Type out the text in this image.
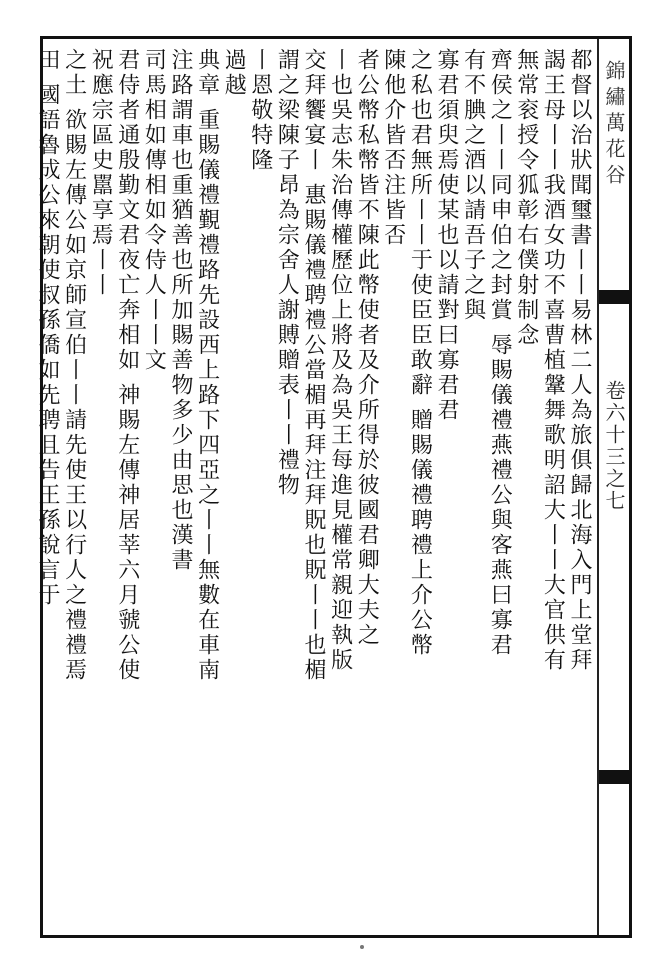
錦繡萬花谷
卷六十三之七
都督以治狀聞璽書丨丨易林二人為旅俱歸北海入門上堂拜
謁王母丨丨我酒女功不喜曹植鞶舞歌明詔大丨丨大官供有
無常衮授令狐彰右僕射制念
齊侯之丨丨同申伯之封賞 辱賜儀禮燕禮公與客燕曰寡君
有不腆之酒以請吾子之與
寡君須臾焉使某也以請對曰寡君君
之私也君無所丨丨于使臣臣敢辭 贈賜儀禮聘禮上介公幣
陳他介皆否注皆否
者公幣私幣皆不陳此幣使者及介所得於彼國君卿大夫之
丨也吳志朱治傳權歷位上將及為吳王每進見權常親迎執版
交拜饗宴丨 惠賜儀禮聘禮公當楣再拜注拜貺也貺丨丨也楣
謂之梁陳子昂為宗舍人謝賻贈表丨丨禮物
丨恩敬特隆
過越
典章 重賜儀禮覲禮路先設西上路下四亞之丨丨無數在車南
注路謂車也重猶善也所加賜善物多少由思也漢書
司馬相如傳相如令侍人丨丨文
君侍者通殷勤文君夜亡奔相如 神賜左傳神居莘六月虢公使
祝應宗區史嚚享焉丨丨
之土 欲賜左傳公如京師宣伯丨丨請先使王以行人之禮禮焉
田 國語魯成公來朝使叔孫僑如先聘且告王孫說言于
